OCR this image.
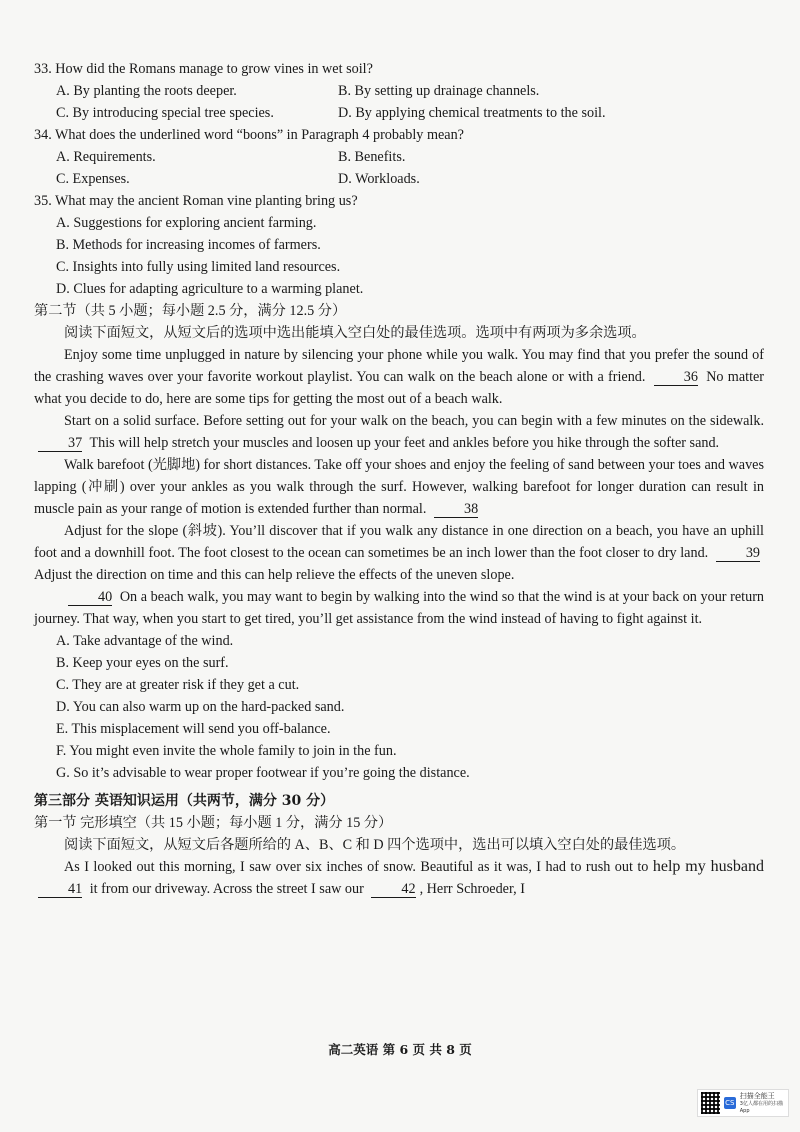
33. How did the Romans manage to grow vines in wet soil?
A. By planting the roots deeper.	B. By setting up drainage channels.
C. By introducing special tree species.	D. By applying chemical treatments to the soil.
34. What does the underlined word “boons” in Paragraph 4 probably mean?
A. Requirements.	B. Benefits.
C. Expenses.	D. Workloads.
35. What may the ancient Roman vine planting bring us?
A. Suggestions for exploring ancient farming.
B. Methods for increasing incomes of farmers.
C. Insights into fully using limited land resources.
D. Clues for adapting agriculture to a warming planet.
第二节（共 5 小题；每小题 2.5 分，满分 12.5 分）
阅读下面短文，从短文后的选项中选出能填入空白处的最佳选项。选项中有两项为多余选项。

Enjoy some time unplugged in nature by silencing your phone while you walk. You may find that you prefer the sound of the crashing waves over your favorite workout playlist. You can walk on the beach alone or with a friend.	36 No matter what you decide to do, here are some tips for getting the most out of a beach walk.

Start on a solid surface. Before setting out for your walk on the beach, you can begin with a few minutes on the sidewalk. 37 This will help stretch your muscles and loosen up your feet and ankles before you hike through the softer sand.

Walk barefoot (光脚地) for short distances. Take off your shoes and enjoy the feeling of sand between your toes and waves lapping (冲刷) over your ankles as you walk through the surf. However, walking barefoot for longer duration can result in muscle pain as your range of motion is extended further than normal.	38

Adjust for the slope (斜坡). You’ll discover that if you walk any distance in one direction on a beach, you have an uphill foot and a downhill foot. The foot closest to the ocean can sometimes be an inch lower than the foot closer to dry land.	39 Adjust the direction on time and this can help relieve the effects of the uneven slope.

40 On a beach walk, you may want to begin by walking into the wind so that the wind is at your back on your return journey. That way, when you start to get tired, you’ll get assistance from the wind instead of having to fight against it.

A. Take advantage of the wind.
B. Keep your eyes on the surf.
C. They are at greater risk if they get a cut.
D. You can also warm up on the hard-packed sand.
E. This misplacement will send you off-balance.
F. You might even invite the whole family to join in the fun.
G. So it’s advisable to wear proper footwear if you’re going the distance.
第三部分 英语知识运用（共两节，满分 30 分）
第一节 完形填空（共 15 小题；每小题 1 分，满分 15 分）
阅读下面短文，从短文后各题所给的 A、B、C 和 D 四个选项中，选出可以填入空白处的最佳选项。

As I looked out this morning, I saw over six inches of snow. Beautiful as it was, I had to rush out to help my husband 41 it from our driveway. Across the street I saw our	42 , Herr Schroeder, I

高二英语 第 6 页 共 8 页
CS
扫描全能王
3亿人都在用的扫描App
